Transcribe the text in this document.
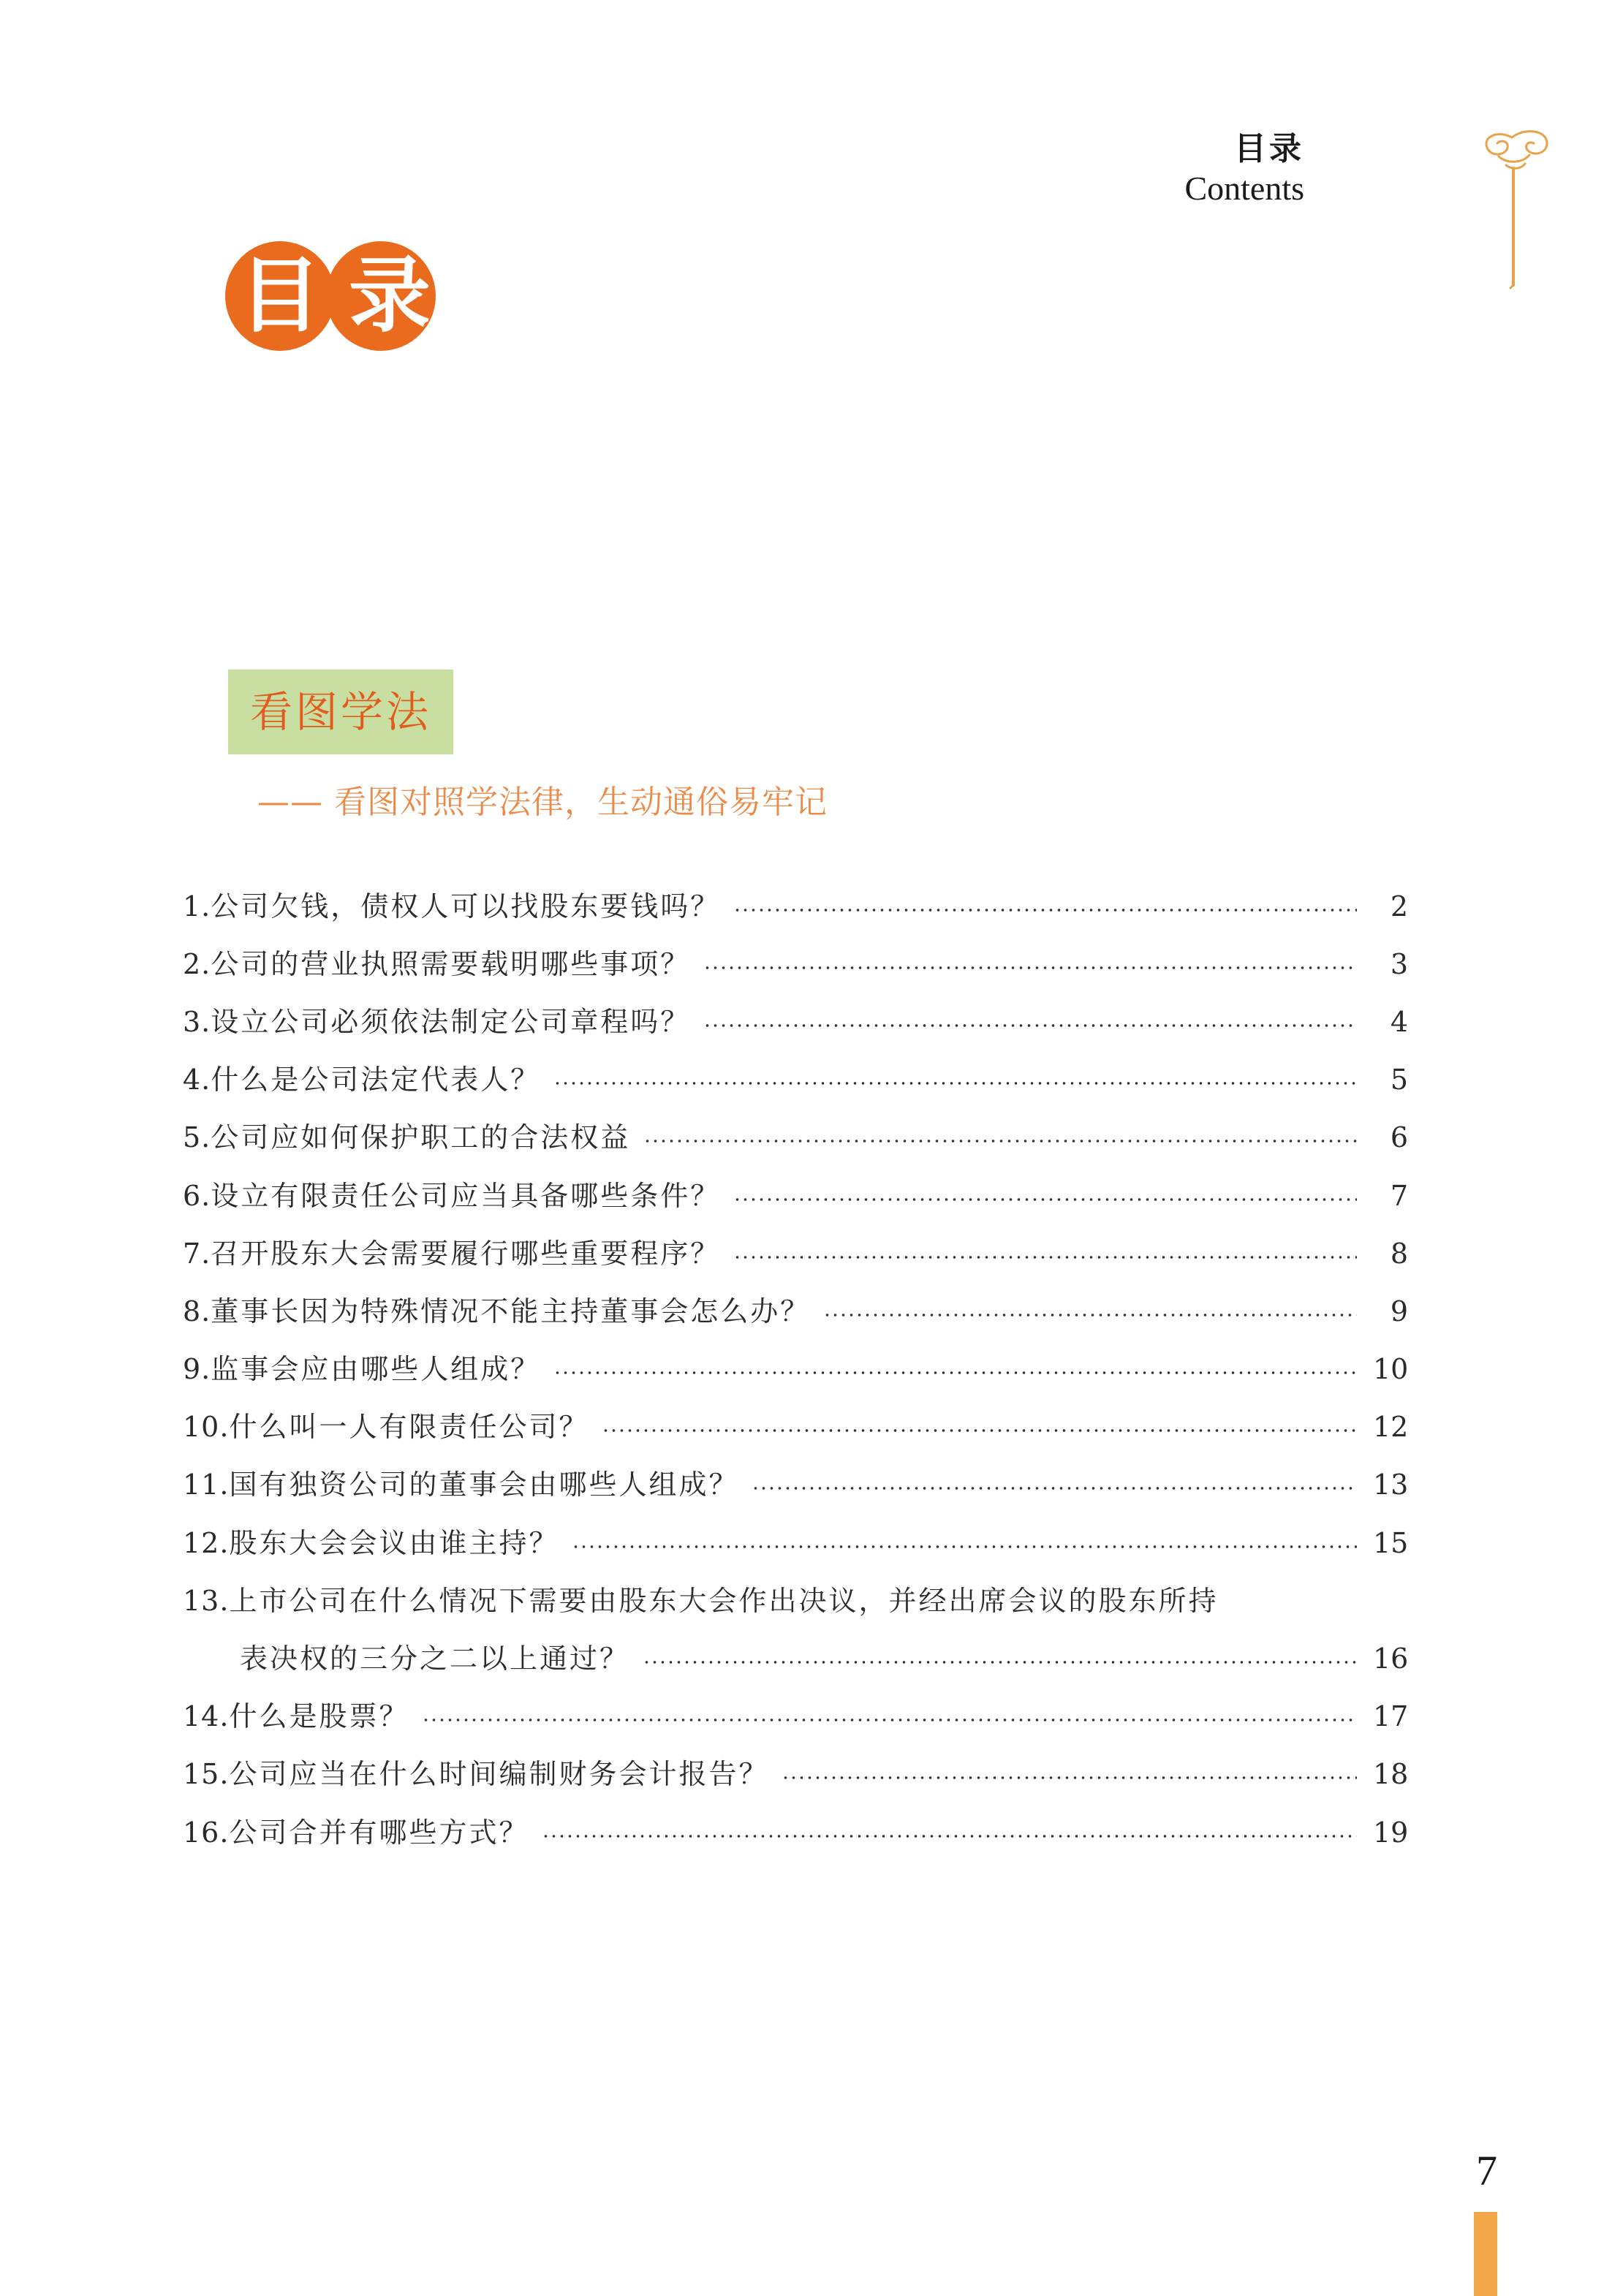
目录
Contents
目 录
看图学法
—— 看图对照学法律，生动通俗易牢记
1. 公司欠钱，债权人可以找股东要钱吗？	2
2. 公司的营业执照需要载明哪些事项？	3
3. 设立公司必须依法制定公司章程吗？	4
4. 什么是公司法定代表人？	5
5. 公司应如何保护职工的合法权益	6
6. 设立有限责任公司应当具备哪些条件？	7
7. 召开股东大会需要履行哪些重要程序？	8
8. 董事长因为特殊情况不能主持董事会怎么办？	9
9. 监事会应由哪些人组成？	10
10. 什么叫一人有限责任公司？	12
11. 国有独资公司的董事会由哪些人组成？	13
12. 股东大会会议由谁主持？	15
13. 上市公司在什么情况下需要由股东大会作出决议，并经出席会议的股东所持
表决权的三分之二以上通过？	16
14. 什么是股票？	17
15. 公司应当在什么时间编制财务会计报告？	18
16. 公司合并有哪些方式？	19
7
